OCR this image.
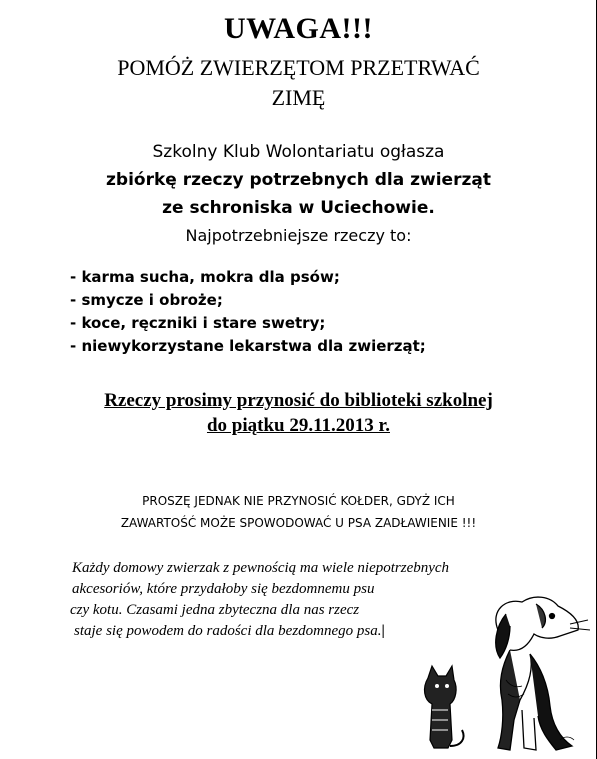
UWAGA!!!
POMÓŻ ZWIERZĘTOM PRZETRWAĆ
ZIMĘ
Szkolny Klub Wolontariatu ogłasza
zbiórkę rzeczy potrzebnych dla zwierząt
ze schroniska w Uciechowie.
Najpotrzebniejsze rzeczy to:
- karma sucha, mokra dla psów;
- smycze i obroże;
- koce, ręczniki i stare swetry;
- niewykorzystane lekarstwa dla zwierząt;
Rzeczy prosimy przynosić do biblioteki szkolnej
do piątku 29.11.2013 r.
PROSZĘ JEDNAK NIE PRZYNOSIĆ KOŁDER, GDYŻ ICH
ZAWARTOŚĆ MOŻE SPOWODOWAĆ U PSA ZADŁAWIENIE !!!
Każdy domowy zwierzak z pewnością ma wiele niepotrzebnych
akcesoriów, które przydałoby się bezdomnemu psu
czy kotu. Czasami jedna zbyteczna dla nas rzecz
staje się powodem do radości dla bezdomnego psa.|
